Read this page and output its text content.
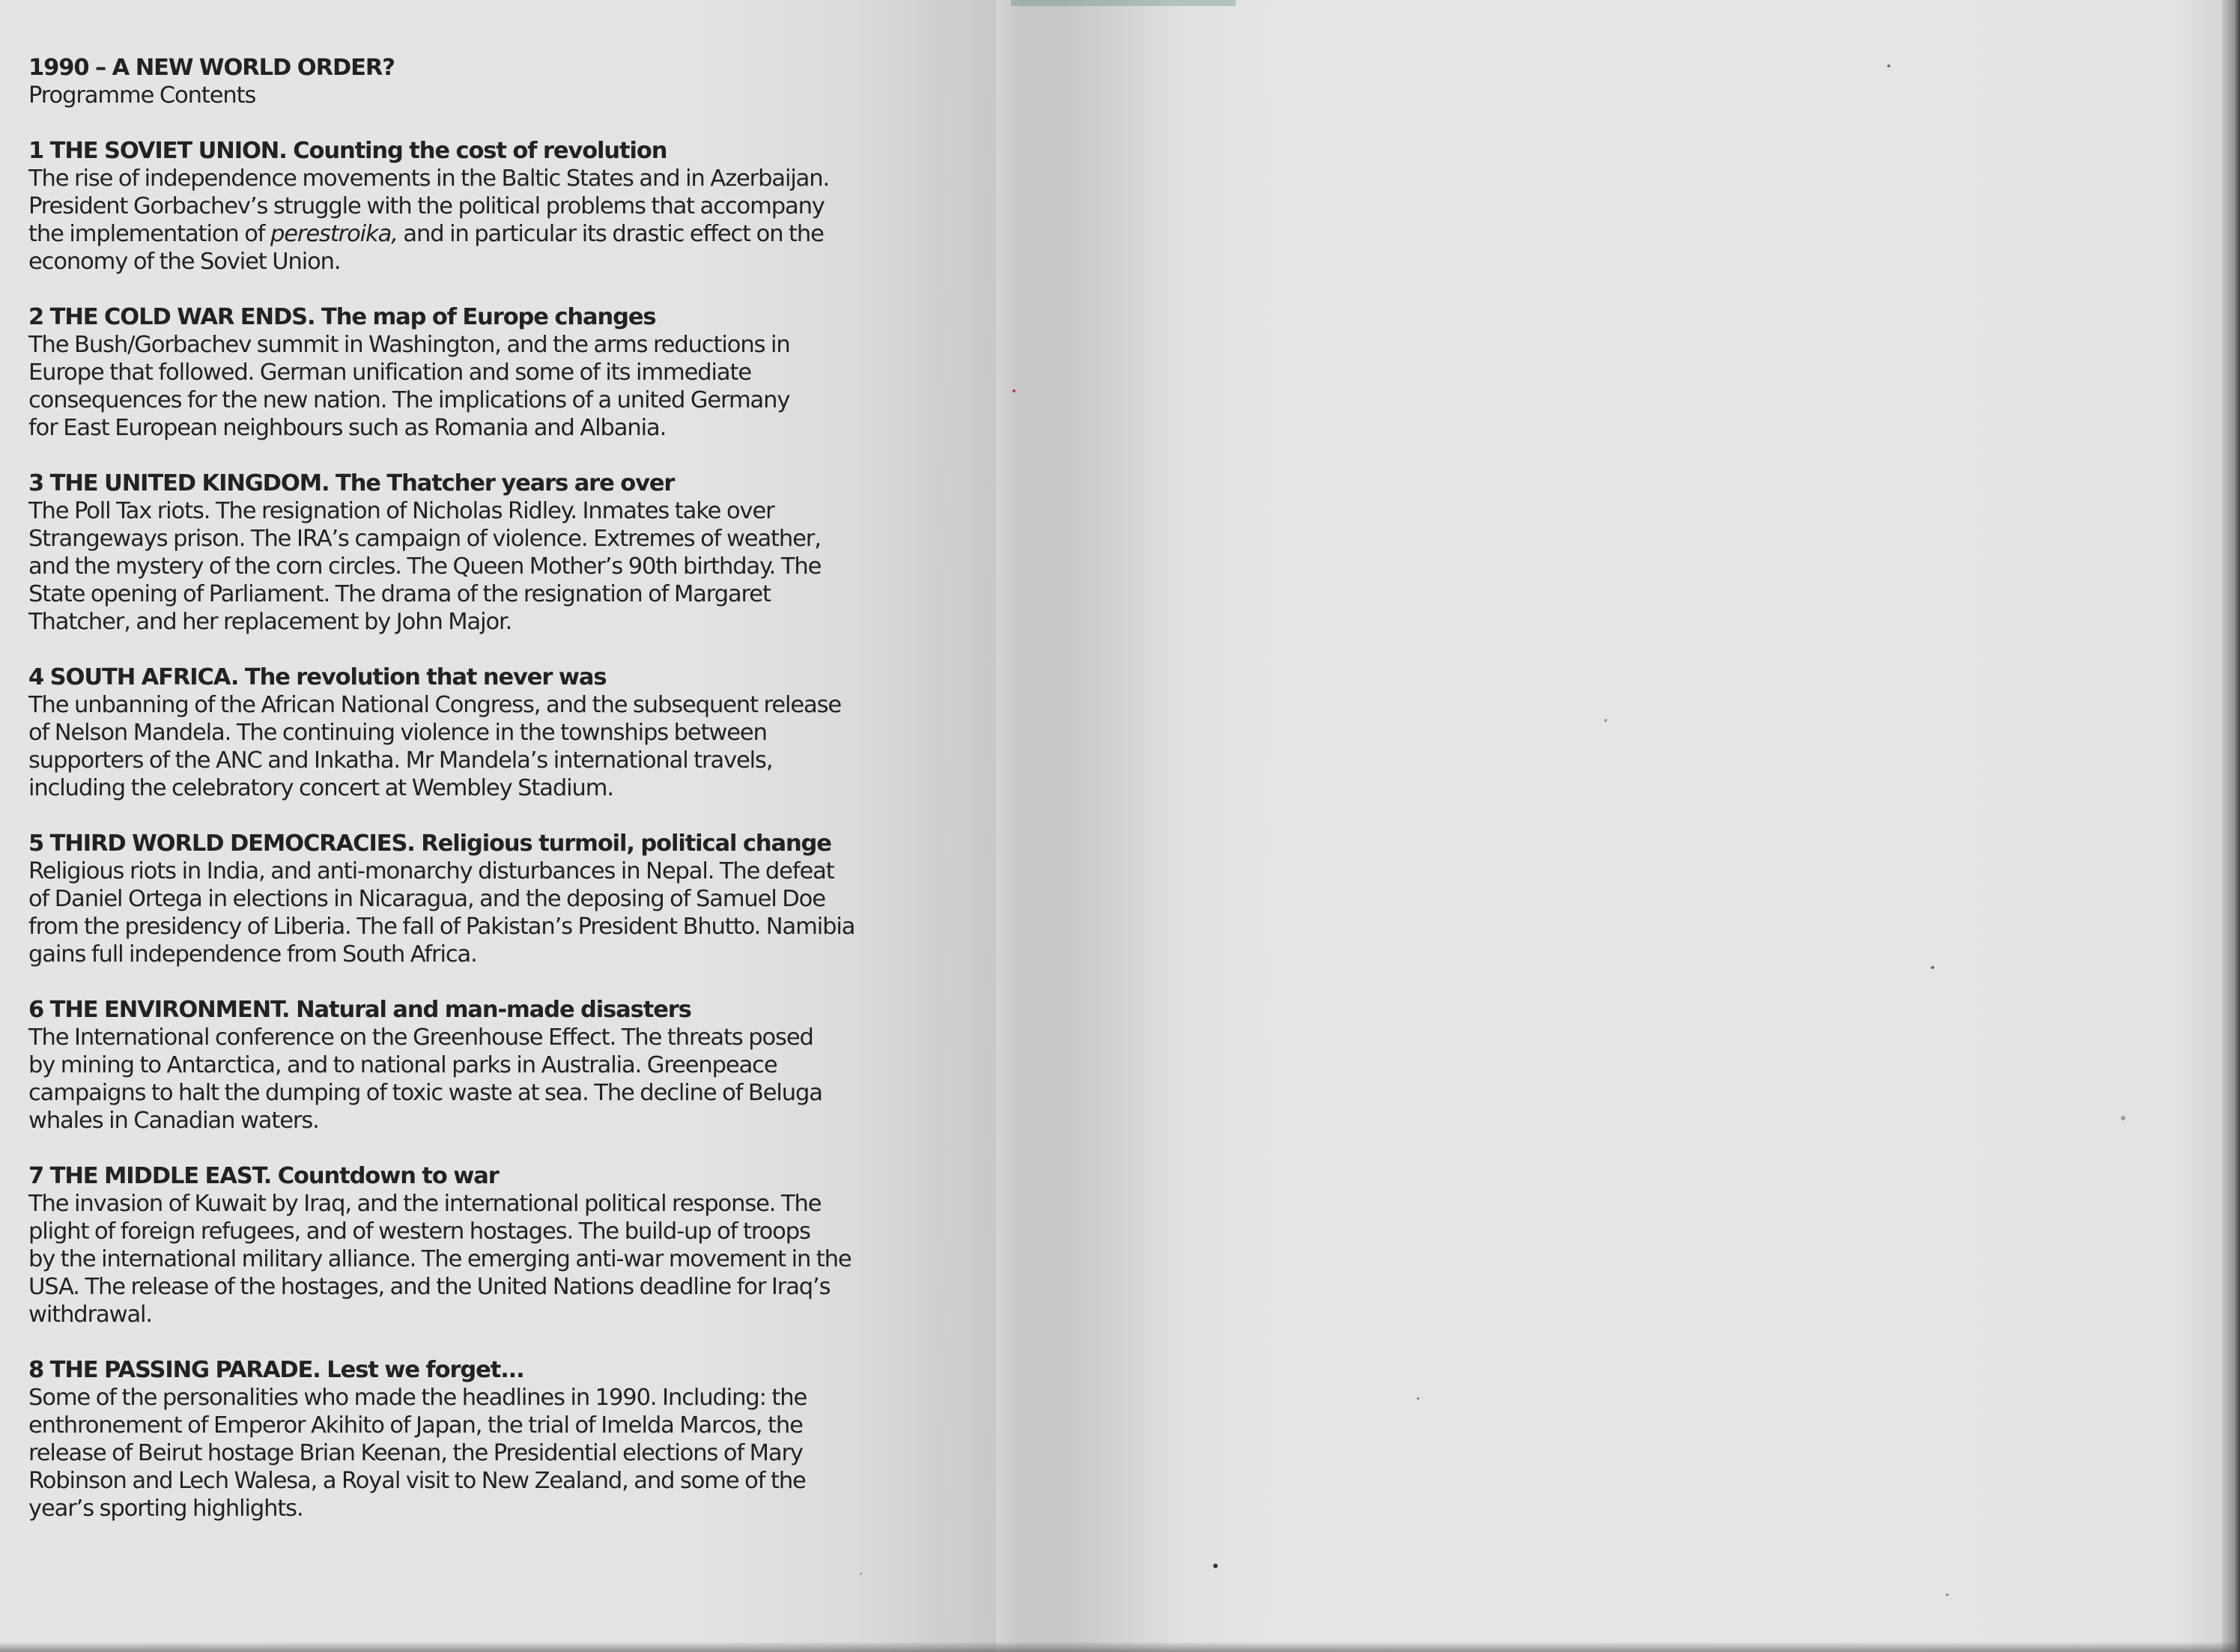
1990 – A NEW WORLD ORDER?

Programme Contents

1 THE SOVIET UNION. Counting the cost of revolution

The rise of independence movements in the Baltic States and in Azerbaijan.
President Gorbachev’s struggle with the political problems that accompany
the implementation of perestroika, and in particular its drastic effect on the
economy of the Soviet Union.

2 THE COLD WAR ENDS. The map of Europe changes

The Bush/Gorbachev summit in Washington, and the arms reductions in
Europe that followed. German unification and some of its immediate
consequences for the new nation. The implications of a united Germany
for East European neighbours such as Romania and Albania.

3 THE UNITED KINGDOM. The Thatcher years are over

The Poll Tax riots. The resignation of Nicholas Ridley. Inmates take over
Strangeways prison. The IRA’s campaign of violence. Extremes of weather,
and the mystery of the corn circles. The Queen Mother’s 90th birthday. The
State opening of Parliament. The drama of the resignation of Margaret
Thatcher, and her replacement by John Major.

4 SOUTH AFRICA. The revolution that never was

The unbanning of the African National Congress, and the subsequent release
of Nelson Mandela. The continuing violence in the townships between
supporters of the ANC and Inkatha. Mr Mandela’s international travels,
including the celebratory concert at Wembley Stadium.

5 THIRD WORLD DEMOCRACIES. Religious turmoil, political change

Religious riots in India, and anti-monarchy disturbances in Nepal. The defeat
of Daniel Ortega in elections in Nicaragua, and the deposing of Samuel Doe
from the presidency of Liberia. The fall of Pakistan’s President Bhutto. Namibia
gains full independence from South Africa.

6 THE ENVIRONMENT. Natural and man-made disasters

The International conference on the Greenhouse Effect. The threats posed
by mining to Antarctica, and to national parks in Australia. Greenpeace
campaigns to halt the dumping of toxic waste at sea. The decline of Beluga
whales in Canadian waters.

7 THE MIDDLE EAST. Countdown to war

The invasion of Kuwait by Iraq, and the international political response. The
plight of foreign refugees, and of western hostages. The build-up of troops
by the international military alliance. The emerging anti-war movement in the
USA. The release of the hostages, and the United Nations deadline for Iraq’s
withdrawal.

8 THE PASSING PARADE. Lest we forget...

Some of the personalities who made the headlines in 1990. Including: the
enthronement of Emperor Akihito of Japan, the trial of Imelda Marcos, the
release of Beirut hostage Brian Keenan, the Presidential elections of Mary
Robinson and Lech Walesa, a Royal visit to New Zealand, and some of the
year’s sporting highlights.
